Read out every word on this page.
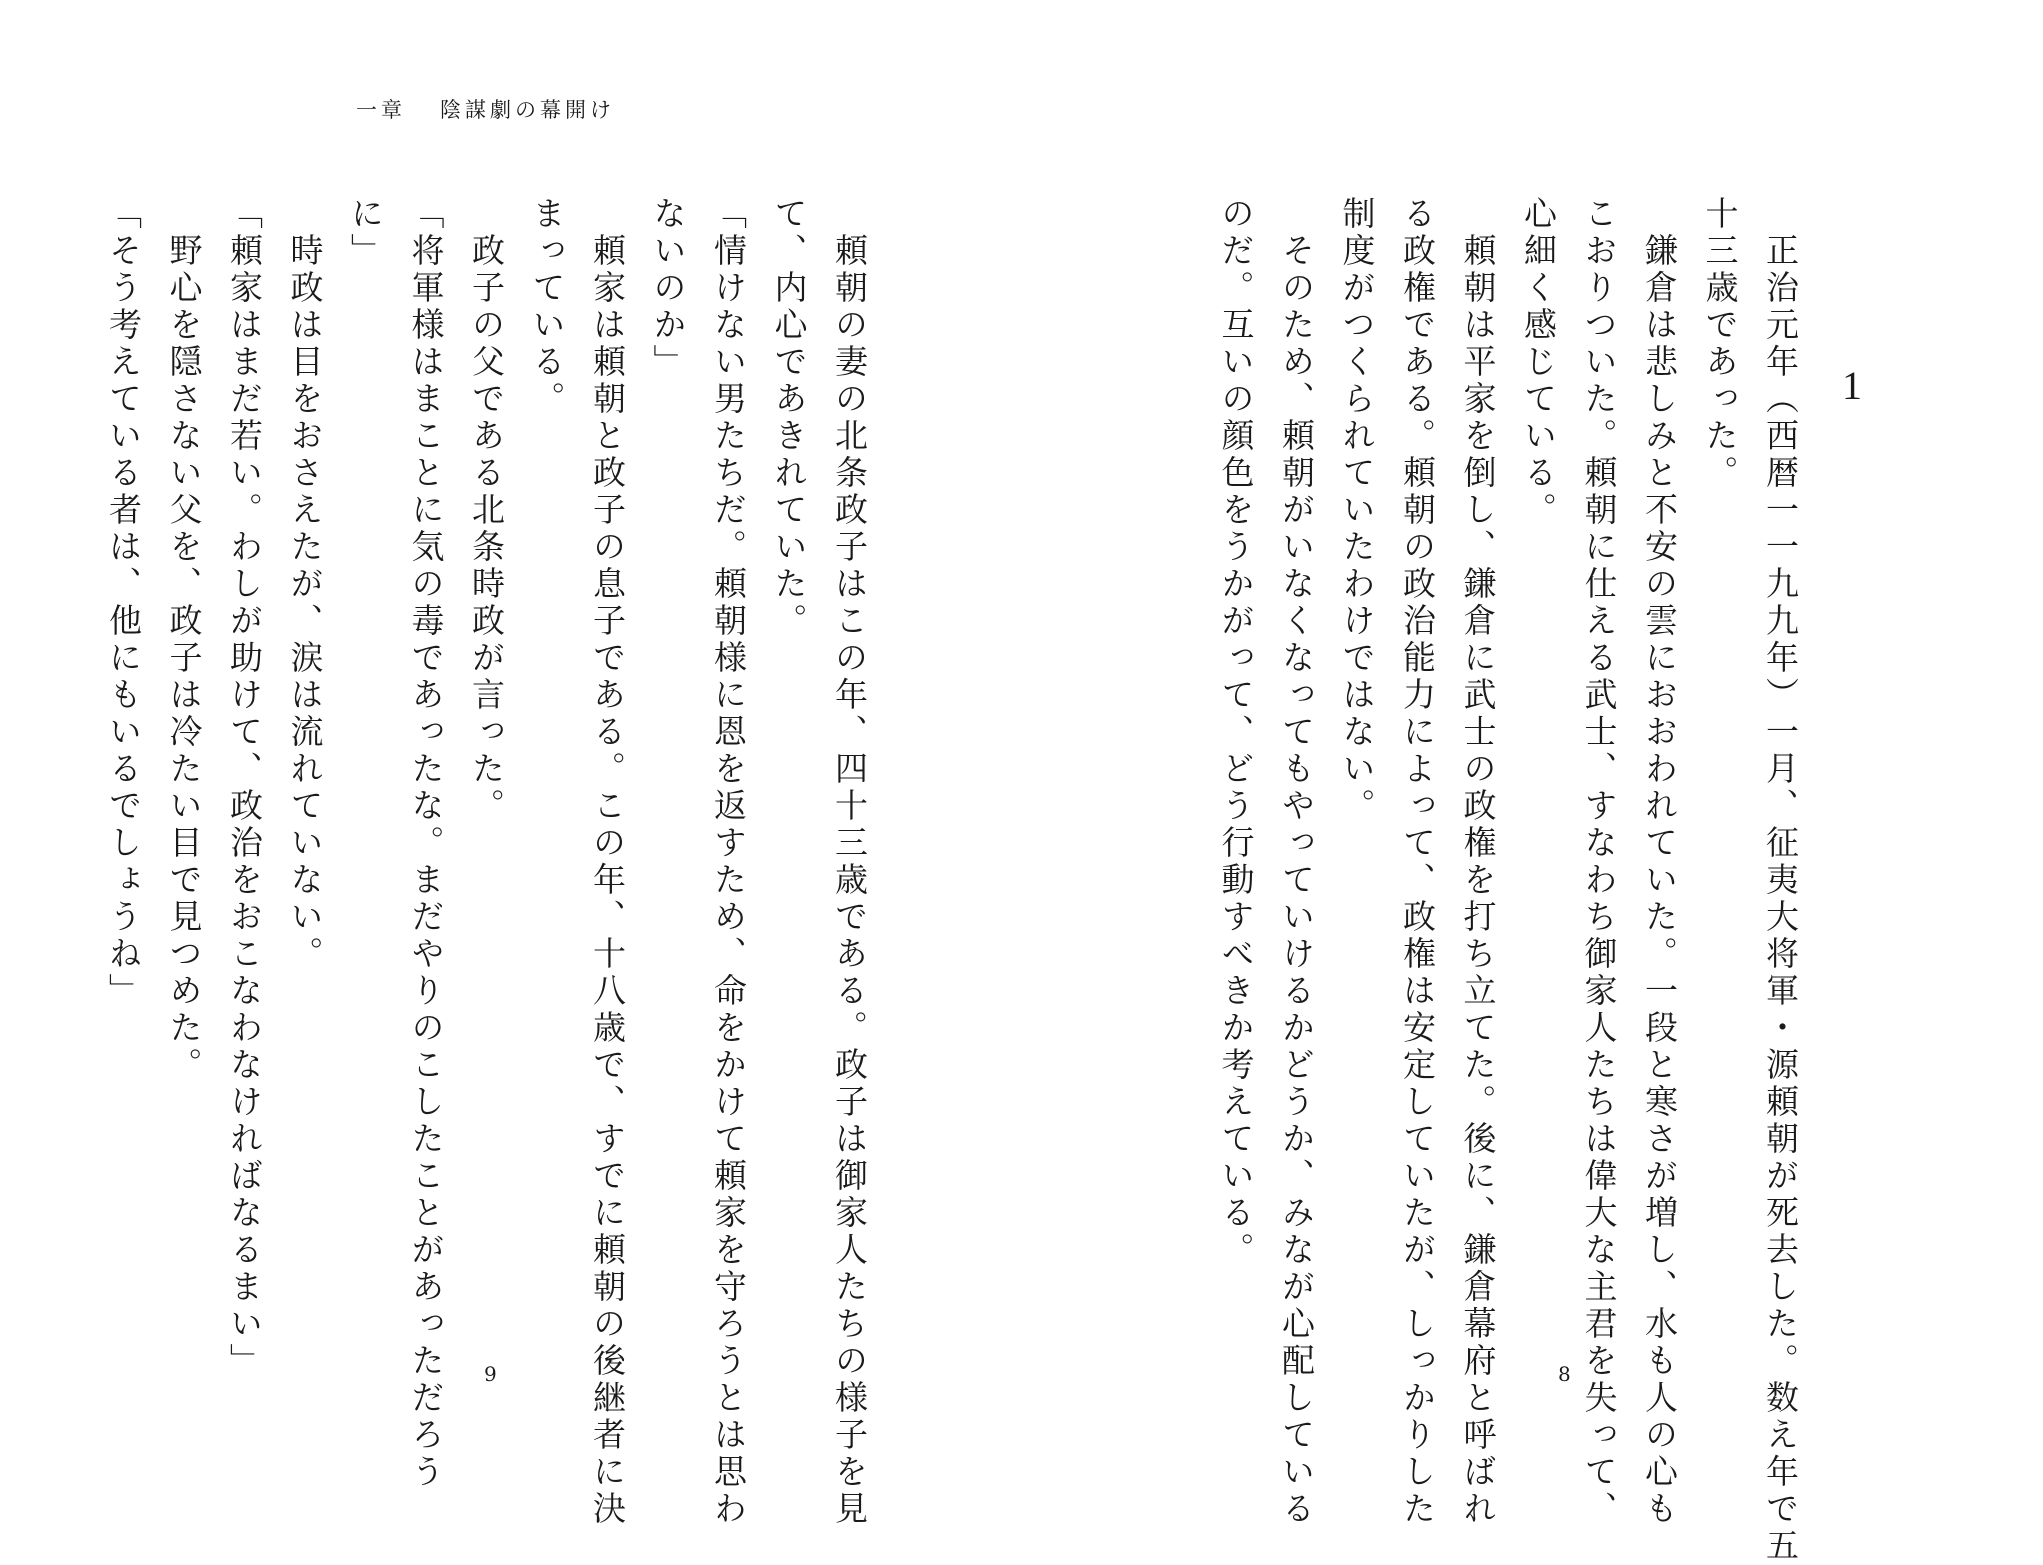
一章 陰謀劇の幕開け
1
　正治元年（西暦一一九九年）一月、征夷大将軍・源頼朝が死去した。数え年で五
十三歳であった。
　鎌倉は悲しみと不安の雲におおわれていた。一段と寒さが増し、水も人の心も
こおりついた。頼朝に仕える武士、すなわち御家人たちは偉大な主君を失って、
心細く感じている。
　頼朝は平家を倒し、鎌倉に武士の政権を打ち立てた。後に、鎌倉幕府と呼ばれ
る政権である。頼朝の政治能力によって、政権は安定していたが、しっかりした
制度がつくられていたわけではない。
　そのため、頼朝がいなくなってもやっていけるかどうか、みなが心配している
のだ。互いの顔色をうかがって、どう行動すべきか考えている。
　頼朝の妻の北条政子はこの年、四十三歳である。政子は御家人たちの様子を見
て、内心であきれていた。
「情けない男たちだ。頼朝様に恩を返すため、命をかけて頼家を守ろうとは思わ
ないのか」
　頼家は頼朝と政子の息子である。この年、十八歳で、すでに頼朝の後継者に決
まっている。
　政子の父である北条時政が言った。
「将軍様はまことに気の毒であったな。まだやりのこしたことがあっただろう
に」
　時政は目をおさえたが、涙は流れていない。
「頼家はまだ若い。わしが助けて、政治をおこなわなければなるまい」
　野心を隠さない父を、政子は冷たい目で見つめた。
「そう考えている者は、他にもいるでしょうね」
9	8
